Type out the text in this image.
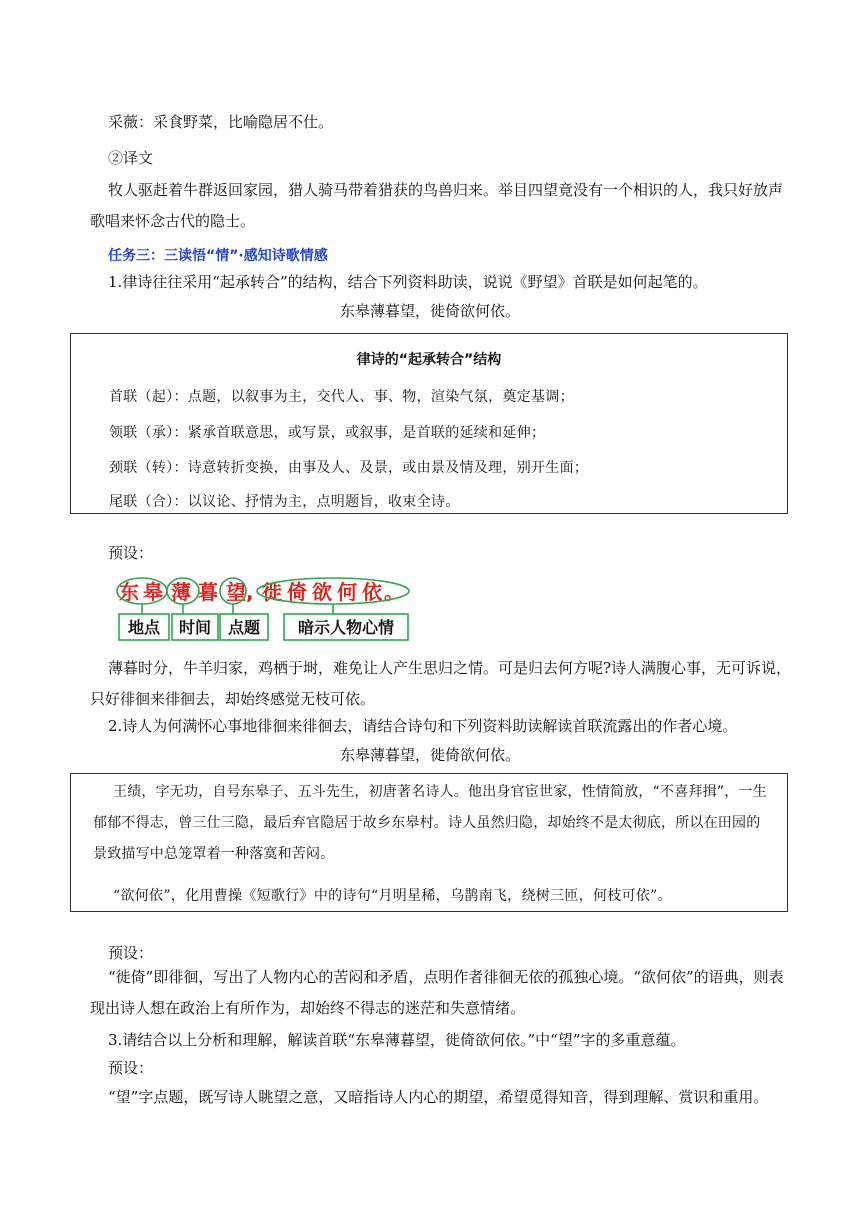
采薇：采食野菜，比喻隐居不仕。

②译文

牧人驱赶着牛群返回家园，猎人骑马带着猎获的鸟兽归来。举目四望竟没有一个相识的人，我只好放声歌唱来怀念古代的隐士。

任务三：三读悟“情”·感知诗歌情感

1.律诗往往采用“起承转合”的结构，结合下列资料助读，说说《野望》首联是如何起笔的。

东皋薄暮望，徙倚欲何依。

律诗的“起承转合”结构
首联（起）：点题，以叙事为主，交代人、事、物，渲染气氛，奠定基调；
领联（承）：紧承首联意思，或写景，或叙事，是首联的延续和延伸；
颈联（转）：诗意转折变换，由事及人、及景，或由景及情及理，别开生面；
尾联（合）：以议论、抒情为主，点明题旨，收束全诗。

预设：

东 皋 薄 暮 望 , 徙 倚 欲 何 依 。
地点 时间 点题 暗示人物心情

薄暮时分，牛羊归家，鸡栖于埘，难免让人产生思归之情。可是归去何方呢?诗人满腹心事，无可诉说，只好徘徊来徘徊去，却始终感觉无枝可依。

2.诗人为何满怀心事地徘徊来徘徊去，请结合诗句和下列资料助读解读首联流露出的作者心境。

东皋薄暮望，徙倚欲何依。

王绩，字无功，自号东皋子、五斗先生，初唐著名诗人。他出身官宦世家，性情简放，“不喜拜揖”，一生郁郁不得志，曾三仕三隐，最后弃官隐居于故乡东皋村。诗人虽然归隐，却始终不是太彻底，所以在田园的景致描写中总笼罩着一种落寞和苦闷。
“欲何依”，化用曹操《短歌行》中的诗句“月明星稀，乌鹊南飞，绕树三匝，何枝可依”。

预设：

“徙倚”即徘徊，写出了人物内心的苦闷和矛盾，点明作者徘徊无依的孤独心境。“欲何依”的语典，则表现出诗人想在政治上有所作为，却始终不得志的迷茫和失意情绪。

3.请结合以上分析和理解，解读首联“东皋薄暮望，徙倚欲何依。”中“望”字的多重意蕴。

预设：

“望”字点题，既写诗人眺望之意，又暗指诗人内心的期望，希望觅得知音，得到理解、赏识和重用。
